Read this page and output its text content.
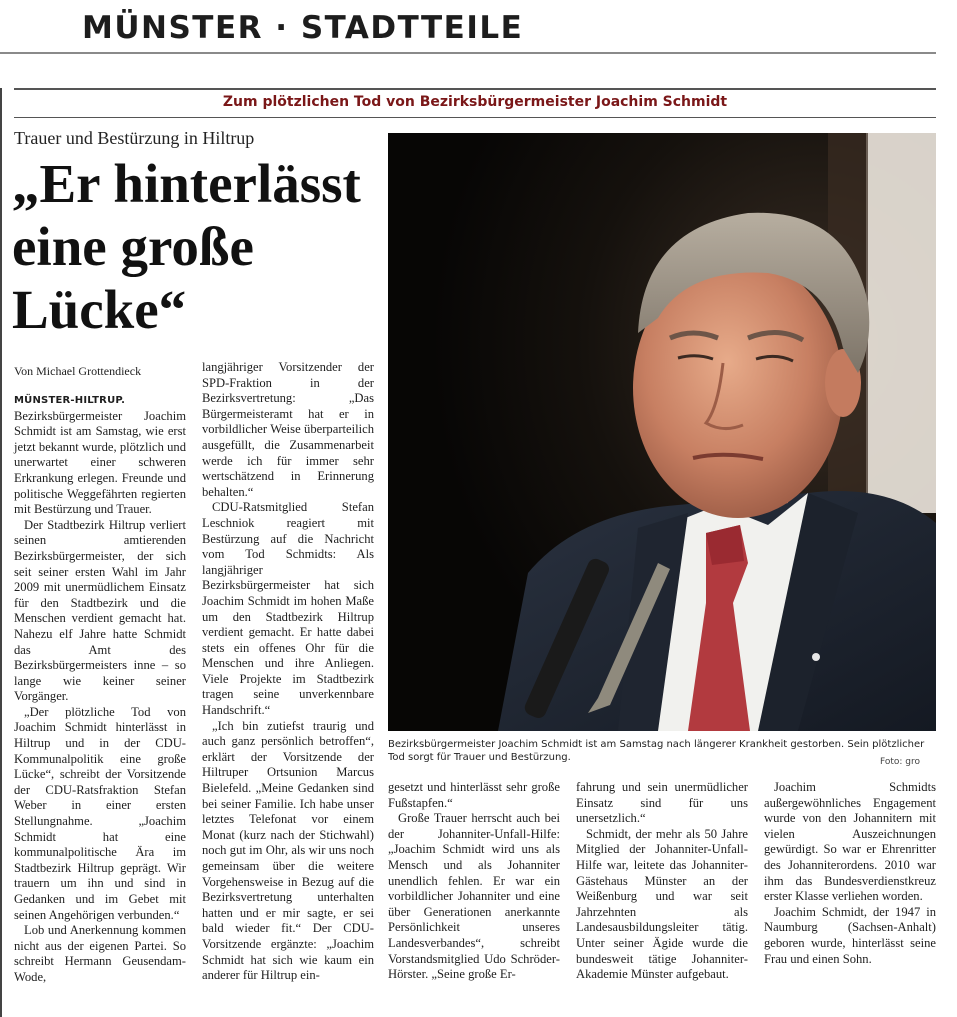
MÜNSTER · STADTTEILE
Zum plötzlichen Tod von Bezirksbürgermeister Joachim Schmidt
Trauer und Bestürzung in Hiltrup
„Er hinterlässt eine große Lücke“
Von Michael Grottendieck

MÜNSTER-HILTRUP. Bezirksbürgermeister Joachim Schmidt ist am Samstag, wie erst jetzt bekannt wurde, plötzlich und unerwartet einer schweren Erkrankung erlegen. Freunde und politische Weggefährten regierten mit Bestürzung und Trauer.

Der Stadtbezirk Hiltrup verliert seinen amtierenden Bezirksbürgermeister, der sich seit seiner ersten Wahl im Jahr 2009 mit unermüdlichem Einsatz für den Stadtbezirk und die Menschen verdient gemacht hat. Nahezu elf Jahre hatte Schmidt das Amt des Bezirksbürgermeisters inne – so lange wie keiner seiner Vorgänger.

„Der plötzliche Tod von Joachim Schmidt hinterlässt in Hiltrup und in der CDU-Kommunalpolitik eine große Lücke“, schreibt der Vorsitzende der CDU-Ratsfraktion Stefan Weber in einer ersten Stellungnahme. „Joachim Schmidt hat eine kommunalpolitische Ära im Stadtbezirk Hiltrup geprägt. Wir trauern um ihn und sind in Gedanken und im Gebet mit seinen Angehörigen verbunden.“

Lob und Anerkennung kommen nicht aus der eigenen Partei. So schreibt Hermann Geusendam-Wode,

langjähriger Vorsitzender der SPD-Fraktion in der Bezirksvertretung: „Das Bürgermeisteramt hat er in vorbildlicher Weise überparteilich ausgefüllt, die Zusammenarbeit werde ich für immer sehr wertschätzend in Erinnerung behalten.“

CDU-Ratsmitglied Stefan Leschniok reagiert mit Bestürzung auf die Nachricht vom Tod Schmidts: Als langjähriger Bezirksbürgermeister hat sich Joachim Schmidt im hohen Maße um den Stadtbezirk Hiltrup verdient gemacht. Er hatte dabei stets ein offenes Ohr für die Menschen und ihre Anliegen. Viele Projekte im Stadtbezirk tragen seine unverkennbare Handschrift.“

„Ich bin zutiefst traurig und auch ganz persönlich betroffen“, erklärt der Vorsitzende der Hiltruper Ortsunion Marcus Bielefeld. „Meine Gedanken sind bei seiner Familie. Ich habe unser letztes Telefonat vor einem Monat (kurz nach der Stichwahl) noch gut im Ohr, als wir uns noch gemeinsam über die weitere Vorgehensweise in Bezug auf die Bezirksvertretung unterhalten hatten und er mir sagte, er sei bald wieder fit.“ Der CDU-Vorsitzende ergänzte: „Joachim Schmidt hat sich wie kaum ein anderer für Hiltrup ein-

Bezirksbürgermeister Joachim Schmidt ist am Samstag nach längerer Krankheit gestorben. Sein plötzlicher Tod sorgt für Trauer und Bestürzung.	Foto: gro

gesetzt und hinterlässt sehr große Fußstapfen.“

Große Trauer herrscht auch bei der Johanniter-Unfall-Hilfe: „Joachim Schmidt wird uns als Mensch und als Johanniter unendlich fehlen. Er war ein vorbildlicher Johanniter und eine über Generationen anerkannte Persönlichkeit unseres Landesverbandes“, schreibt Vorstandsmitglied Udo Schröder-Hörster. „Seine große Er-

fahrung und sein unermüdlicher Einsatz sind für uns unersetzlich.“

Schmidt, der mehr als 50 Jahre Mitglied der Johanniter-Unfall-Hilfe war, leitete das Johanniter-Gästehaus Münster an der Weißenburg und war seit Jahrzehnten als Landesausbildungsleiter tätig. Unter seiner Ägide wurde die bundesweit tätige Johanniter-Akademie Münster aufgebaut.

Joachim Schmidts außergewöhnliches Engagement wurde von den Johannitern mit vielen Auszeichnungen gewürdigt. So war er Ehrenritter des Johanniterordens. 2010 war ihm das Bundesverdienstkreuz erster Klasse verliehen worden.

Joachim Schmidt, der 1947 in Naumburg (Sachsen-Anhalt) geboren wurde, hinterlässt seine Frau und einen Sohn.
